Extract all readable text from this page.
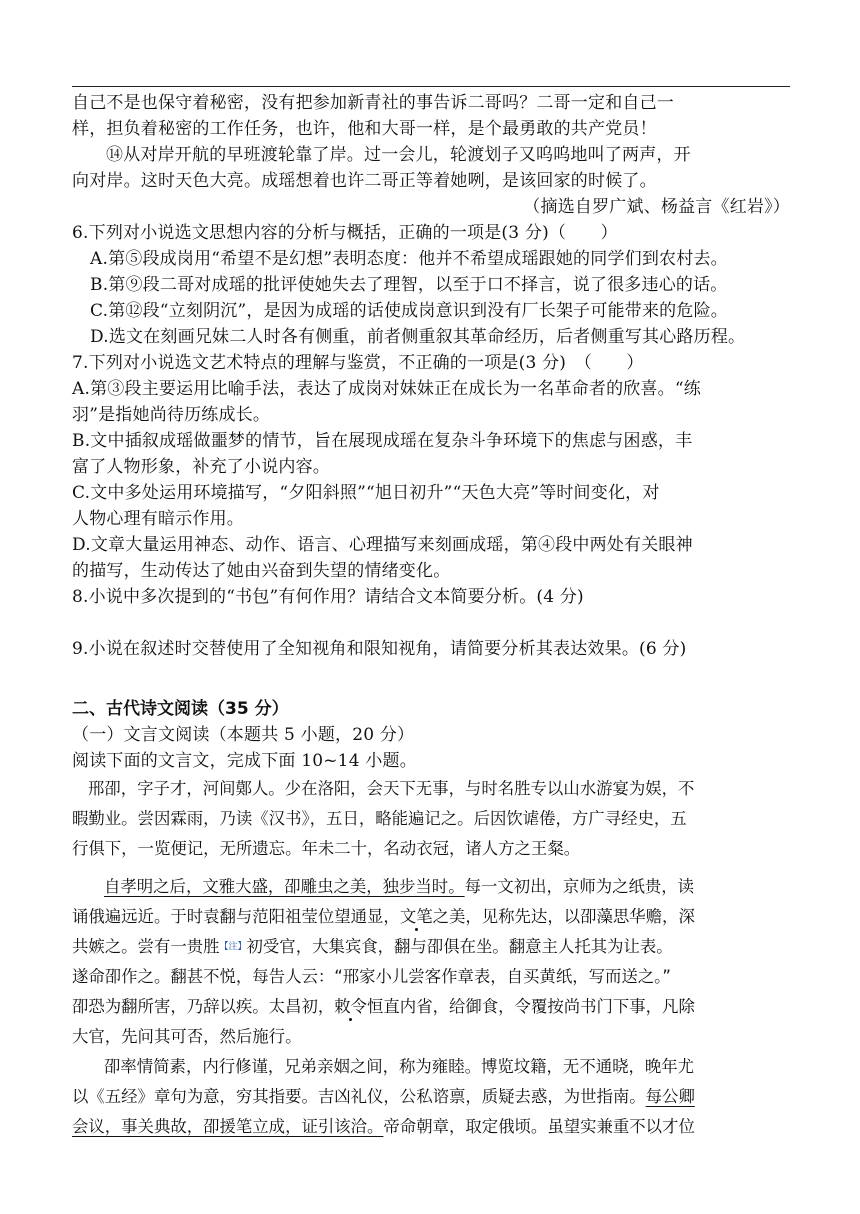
自己不是也保守着秘密，没有把参加新青社的事告诉二哥吗？二哥一定和自己一
样，担负着秘密的工作任务，也许，他和大哥一样，是个最勇敢的共产党员！
⑭从对岸开航的早班渡轮靠了岸。过一会儿，轮渡划子又呜呜地叫了两声，开
向对岸。这时天色大亮。成瑶想着也许二哥正等着她咧，是该回家的时候了。
（摘选自罗广斌、杨益言《红岩》）
6.下列对小说选文思想内容的分析与概括，正确的一项是(3 分)（　　）
A.第⑤段成岗用“希望不是幻想”表明态度：他并不希望成瑶跟她的同学们到农村去。
B.第⑨段二哥对成瑶的批评使她失去了理智，以至于口不择言，说了很多违心的话。
C.第⑫段“立刻阴沉”，是因为成瑶的话使成岗意识到没有厂长架子可能带来的危险。
D.选文在刻画兄妹二人时各有侧重，前者侧重叙其革命经历，后者侧重写其心路历程。
7.下列对小说选文艺术特点的理解与鉴赏，不正确的一项是(3 分)　（　　）
A.第③段主要运用比喻手法，表达了成岗对妹妹正在成长为一名革命者的欣喜。“练
羽”是指她尚待历练成长。
B.文中插叙成瑶做噩梦的情节，旨在展现成瑶在复杂斗争环境下的焦虑与困惑，丰
富了人物形象，补充了小说内容。
C.文中多处运用环境描写，“夕阳斜照”“旭日初升”“天色大亮”等时间变化，对
人物心理有暗示作用。
D.文章大量运用神态、动作、语言、心理描写来刻画成瑶，第④段中两处有关眼神
的描写，生动传达了她由兴奋到失望的情绪变化。
8.小说中多次提到的“书包”有何作用？请结合文本简要分析。(4 分)
9.小说在叙述时交替使用了全知视角和限知视角，请简要分析其表达效果。(6 分)
二、古代诗文阅读（35 分）
（一）文言文阅读（本题共 5 小题，20 分）
阅读下面的文言文，完成下面 10~14 小题。
邢卲，字子才，河间鄚人。少在洛阳，会天下无事，与时名胜专以山水游宴为娱，不
暇勤业。尝因霖雨，乃读《汉书》，五日，略能遍记之。后因饮谑倦，方广寻经史，五
行俱下，一览便记，无所遗忘。年未二十，名动衣冠，诸人方之王粲。
自孝明之后，文雅大盛，卲雕虫之美，独步当时。每一文初出，京师为之纸贵，读
诵俄遍远近。于时袁翻与范阳祖莹位望通显，文笔之美，见称先达，以卲藻思华赡，深
共嫉之。尝有一贵胜$^{【注】}$初受官，大集宾食，翻与卲俱在坐。翻意主人托其为让表。
遂命卲作之。翻甚不悦，每告人云：“邢家小儿尝客作章表，自买黄纸，写而送之。”
卲恐为翻所害，乃辞以疾。太昌初，敕令恒直内省，给御食，令覆按尚书门下事，凡除
大官，先问其可否，然后施行。
卲率情简素，内行修谨，兄弟亲姻之间，称为雍睦。博览坟籍，无不通晓，晚年尤
以《五经》章句为意，穷其指要。吉凶礼仪，公私谘禀，质疑去惑，为世指南。每公卿
会议，事关典故，卲援笔立成，证引该洽。帝命朝章，取定俄顷。虽望实兼重不以才位
